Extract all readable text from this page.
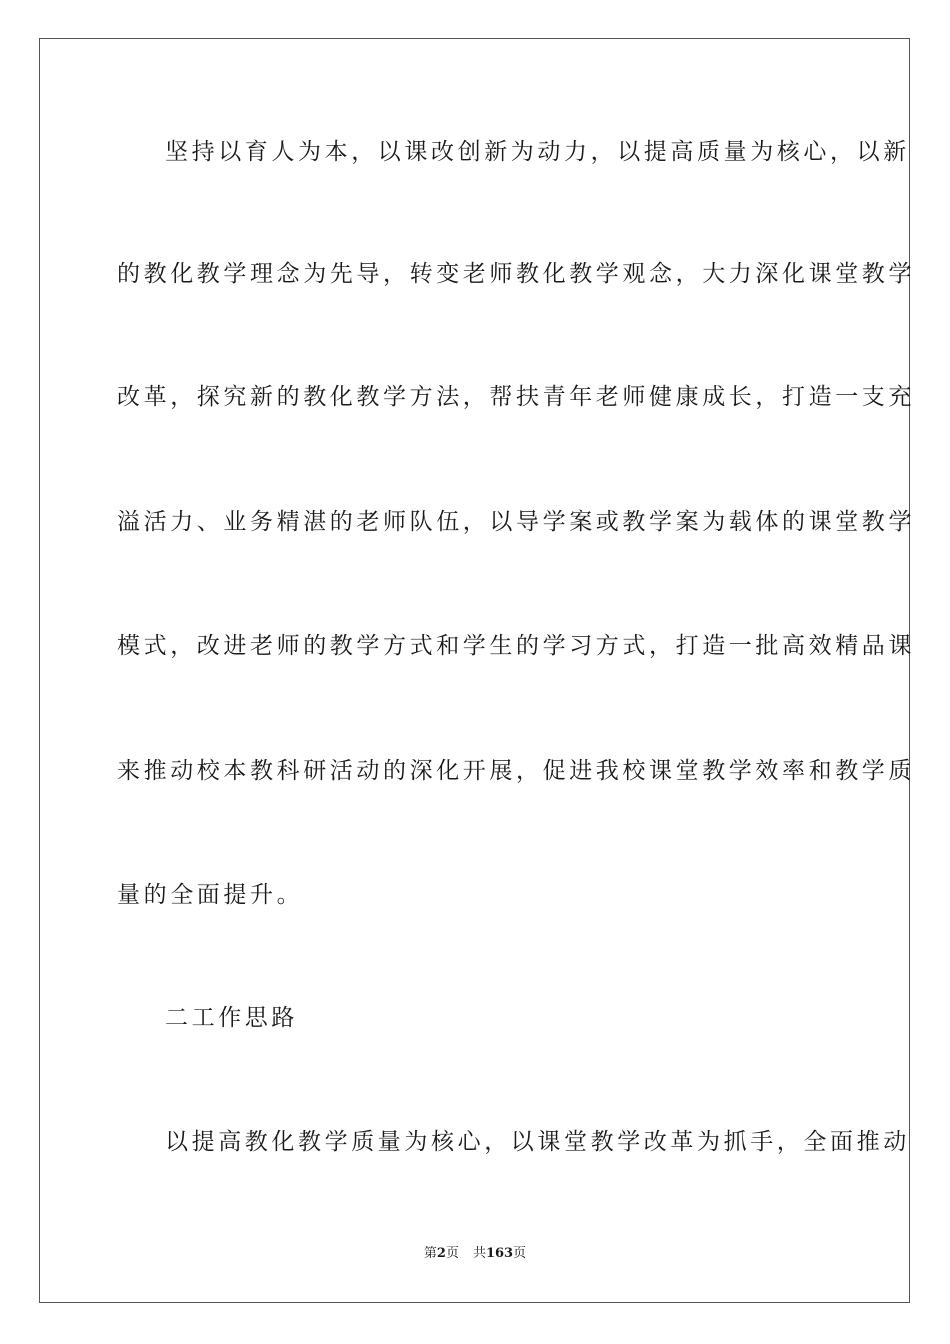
坚持以育人为本，以课改创新为动力，以提高质量为核心，以新
的教化教学理念为先导，转变老师教化教学观念，大力深化课堂教学
改革，探究新的教化教学方法，帮扶青年老师健康成长，打造一支充
溢活力、业务精湛的老师队伍，以导学案或教学案为载体的课堂教学
模式，改进老师的教学方式和学生的学习方式，打造一批高效精品课
来推动校本教科研活动的深化开展，促进我校课堂教学效率和教学质
量的全面提升。
二工作思路
以提高教化教学质量为核心，以课堂教学改革为抓手，全面推动
第2页 共163页
